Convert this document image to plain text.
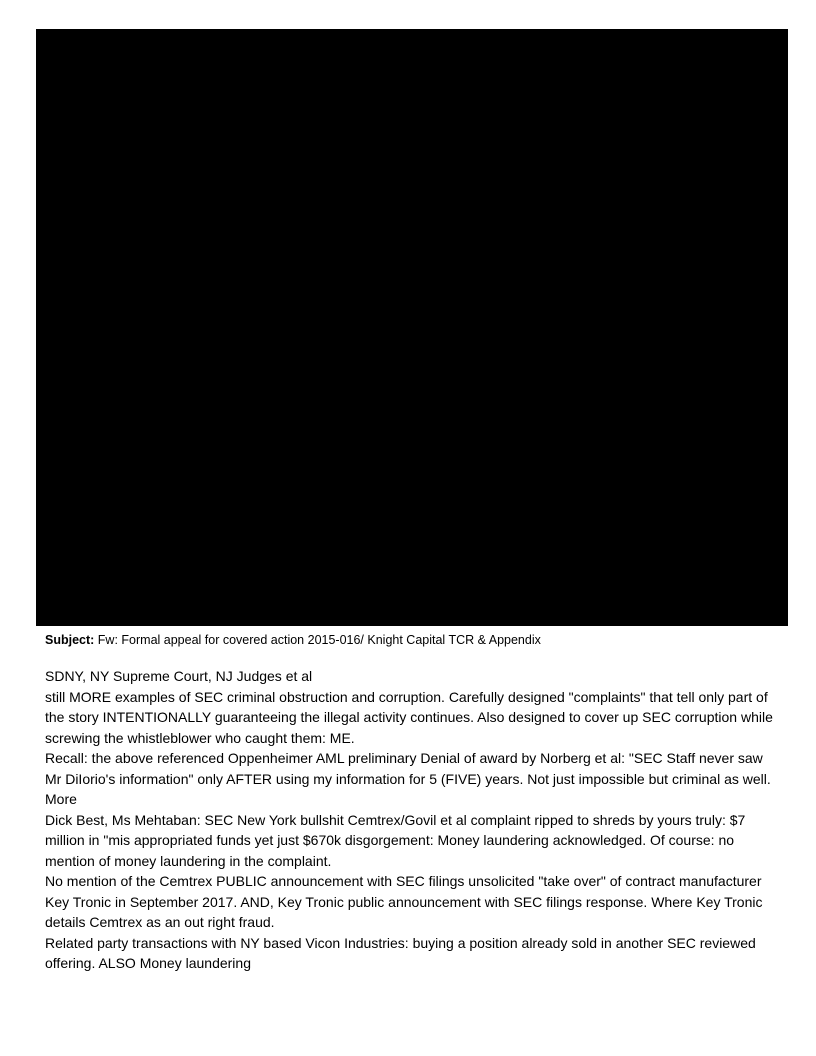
Subject: Fw: Formal appeal for covered action 2015-016/ Knight Capital TCR & Appendix

SDNY, NY Supreme Court, NJ Judges et al

still MORE examples of SEC criminal obstruction and corruption. Carefully designed "complaints" that tell only part of the story INTENTIONALLY guaranteeing the illegal activity continues. Also designed to cover up SEC corruption while screwing the whistleblower who caught them: ME.

Recall: the above referenced Oppenheimer AML preliminary Denial of award by Norberg et al: "SEC Staff never saw Mr DiIorio's information" only AFTER using my information for 5 (FIVE) years. Not just impossible but criminal as well.

More

Dick Best, Ms Mehtaban: SEC New York bullshit Cemtrex/Govil et al complaint ripped to shreds by yours truly: $7 million in "mis appropriated funds yet just $670k disgorgement: Money laundering acknowledged. Of course: no mention of money laundering in the complaint.

No mention of the Cemtrex PUBLIC announcement with SEC filings unsolicited "take over" of contract manufacturer Key Tronic in September 2017. AND, Key Tronic public announcement with SEC filings response. Where Key Tronic details Cemtrex as an out right fraud.

Related party transactions with NY based Vicon Industries: buying a position already sold in another SEC reviewed offering. ALSO Money laundering
